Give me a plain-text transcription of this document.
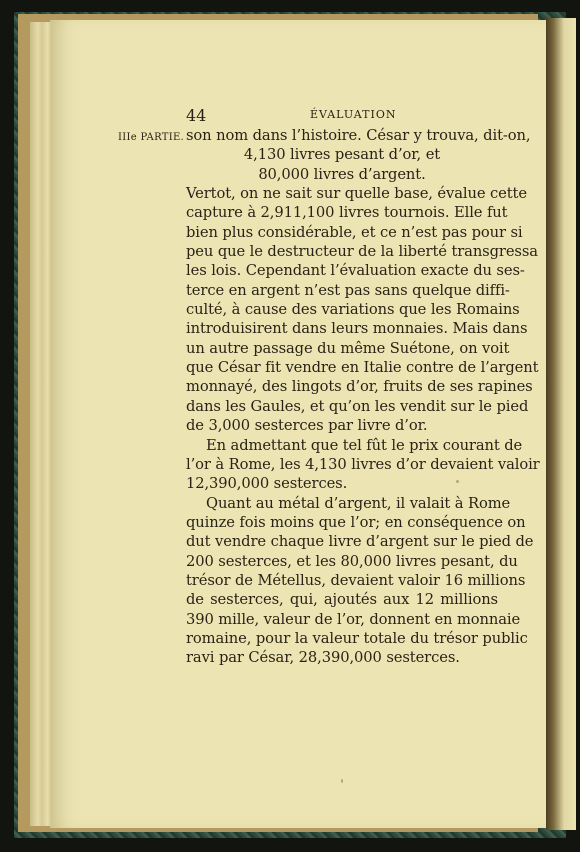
IIIe PARTIE.
44	ÉVALUATION
son nom dans l’histoire. César y trouva, dit-on,
4,130 livres pesant d’or, et
80,000 livres d’argent.
Vertot, on ne sait sur quelle base, évalue cette
capture à 2,911,100 livres tournois. Elle fut
bien plus considérable, et ce n’est pas pour si
peu que le destructeur de la liberté transgressa
les lois. Cependant l’évaluation exacte du ses-
terce en argent n’est pas sans quelque diffi-
culté, à cause des variations que les Romains
introduisirent dans leurs monnaies. Mais dans
un autre passage du même Suétone, on voit
que César fit vendre en Italie contre de l’argent
monnayé, des lingots d’or, fruits de ses rapines
dans les Gaules, et qu’on les vendit sur le pied
de 3,000 sesterces par livre d’or.
En admettant que tel fût le prix courant de
l’or à Rome, les 4,130 livres d’or devaient valoir
12,390,000 sesterces.
Quant au métal d’argent, il valait à Rome
quinze fois moins que l’or; en conséquence on
dut vendre chaque livre d’argent sur le pied de
200 sesterces, et les 80,000 livres pesant, du
trésor de Métellus, devaient valoir 16 millions
de sesterces, qui, ajoutés aux 12 millions
390 mille, valeur de l’or, donnent en monnaie
romaine, pour la valeur totale du trésor public
ravi par César, 28,390,000 sesterces.
